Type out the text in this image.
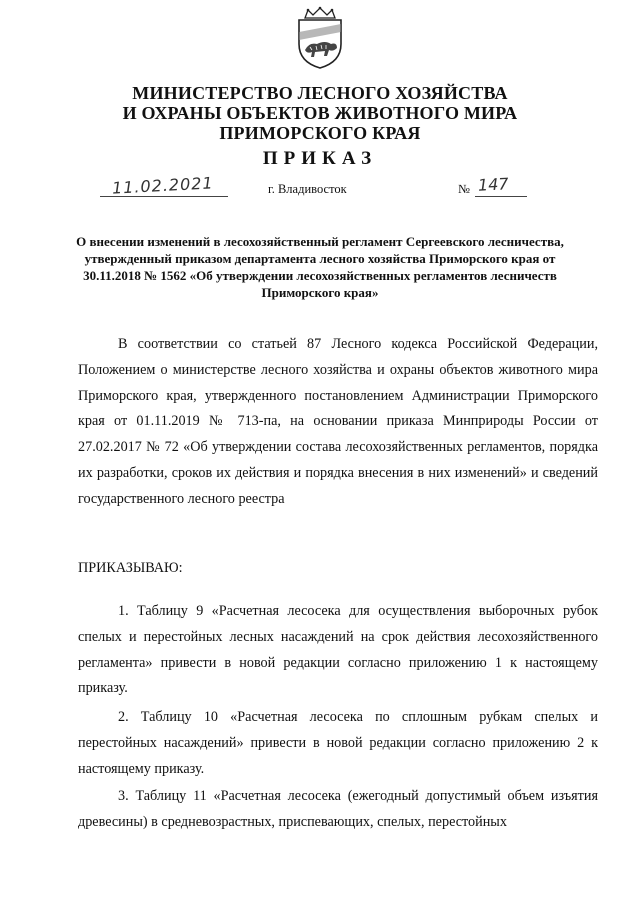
МИНИСТЕРСТВО ЛЕСНОГО ХОЗЯЙСТВА
И ОХРАНЫ ОБЪЕКТОВ ЖИВОТНОГО МИРА
ПРИМОРСКОГО КРАЯ
ПРИКАЗ
11.02.2021	г. Владивосток	№ 147
О внесении изменений в лесохозяйственный регламент Сергеевского лесничества, утвержденный приказом департамента лесного хозяйства Приморского края от 30.11.2018 № 1562 «Об утверждении лесохозяйственных регламентов лесничеств Приморского края»
В соответствии со статьей 87 Лесного кодекса Российской Федерации, Положением о министерстве лесного хозяйства и охраны объектов животного мира Приморского края, утвержденного постановлением Администрации Приморского края от 01.11.2019 № 713-па, на основании приказа Минприроды России от 27.02.2017 № 72 «Об утверждении состава лесохозяйственных регламентов, порядка их разработки, сроков их действия и порядка внесения в них изменений» и сведений государственного лесного реестра
ПРИКАЗЫВАЮ:
1. Таблицу 9 «Расчетная лесосека для осуществления выборочных рубок спелых и перестойных лесных насаждений на срок действия лесохозяйственного регламента» привести в новой редакции согласно приложению 1 к настоящему приказу.
2. Таблицу 10 «Расчетная лесосека по сплошным рубкам спелых и перестойных насаждений» привести в новой редакции согласно приложению 2 к настоящему приказу.
3. Таблицу 11 «Расчетная лесосека (ежегодный допустимый объем изъятия древесины) в средневозрастных, приспевающих, спелых, перестойных
